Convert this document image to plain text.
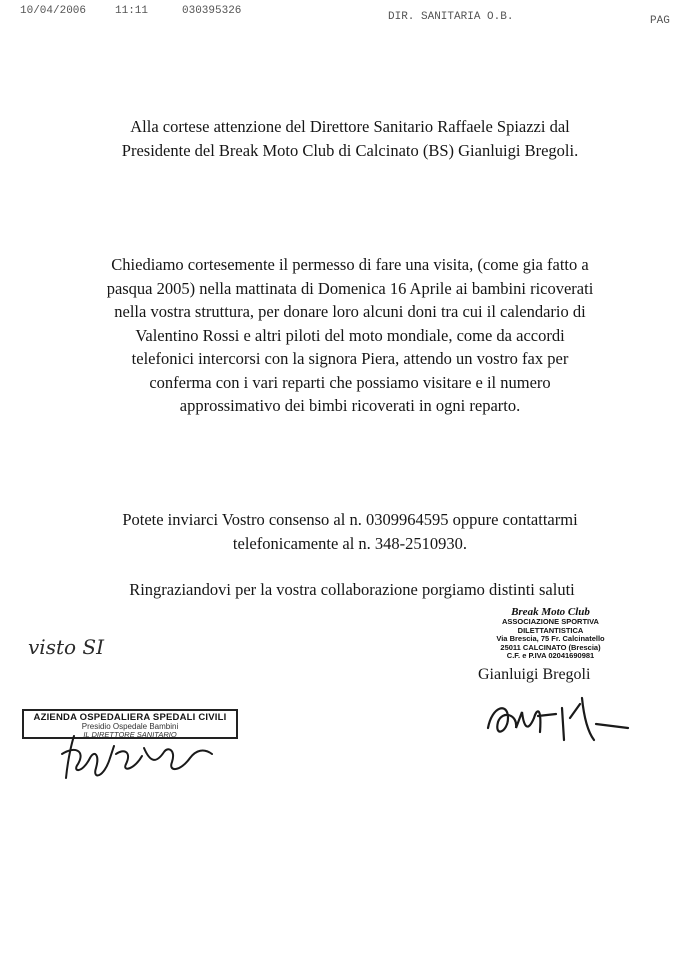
10/04/2006	11:11	030395326	DIR. SANITARIA O.B.	PAG
Alla cortese attenzione del Direttore Sanitario Raffaele Spiazzi dal
Presidente del Break Moto Club di Calcinato (BS) Gianluigi Bregoli.
Chiediamo cortesemente il permesso di fare una visita, (come gia fatto a
pasqua 2005) nella mattinata di Domenica 16 Aprile ai bambini ricoverati
nella vostra struttura, per donare loro alcuni doni tra cui il calendario di
Valentino Rossi e altri piloti del moto mondiale, come da accordi
telefonici intercorsi con la signora Piera, attendo un vostro fax per
conferma con i vari reparti che possiamo visitare e il numero
approssimativo dei bimbi ricoverati in ogni reparto.
Potete inviarci Vostro consenso al n. 0309964595 oppure contattarmi
telefonicamente al n. 348-2510930.
Ringraziandovi per la vostra collaborazione porgiamo distinti saluti
Break Moto Club
ASSOCIAZIONE SPORTIVA
DILETTANTISTICA
Via Brescia, 75 Fr. Calcinatello
25011 CALCINATO (Brescia)
C.F. e P.IVA 02041690981
Gianluigi Bregoli
visto SI
AZIENDA OSPEDALIERA SPEDALI CIVILI
Presidio Ospedale Bambini
IL DIRETTORE SANITARIO
